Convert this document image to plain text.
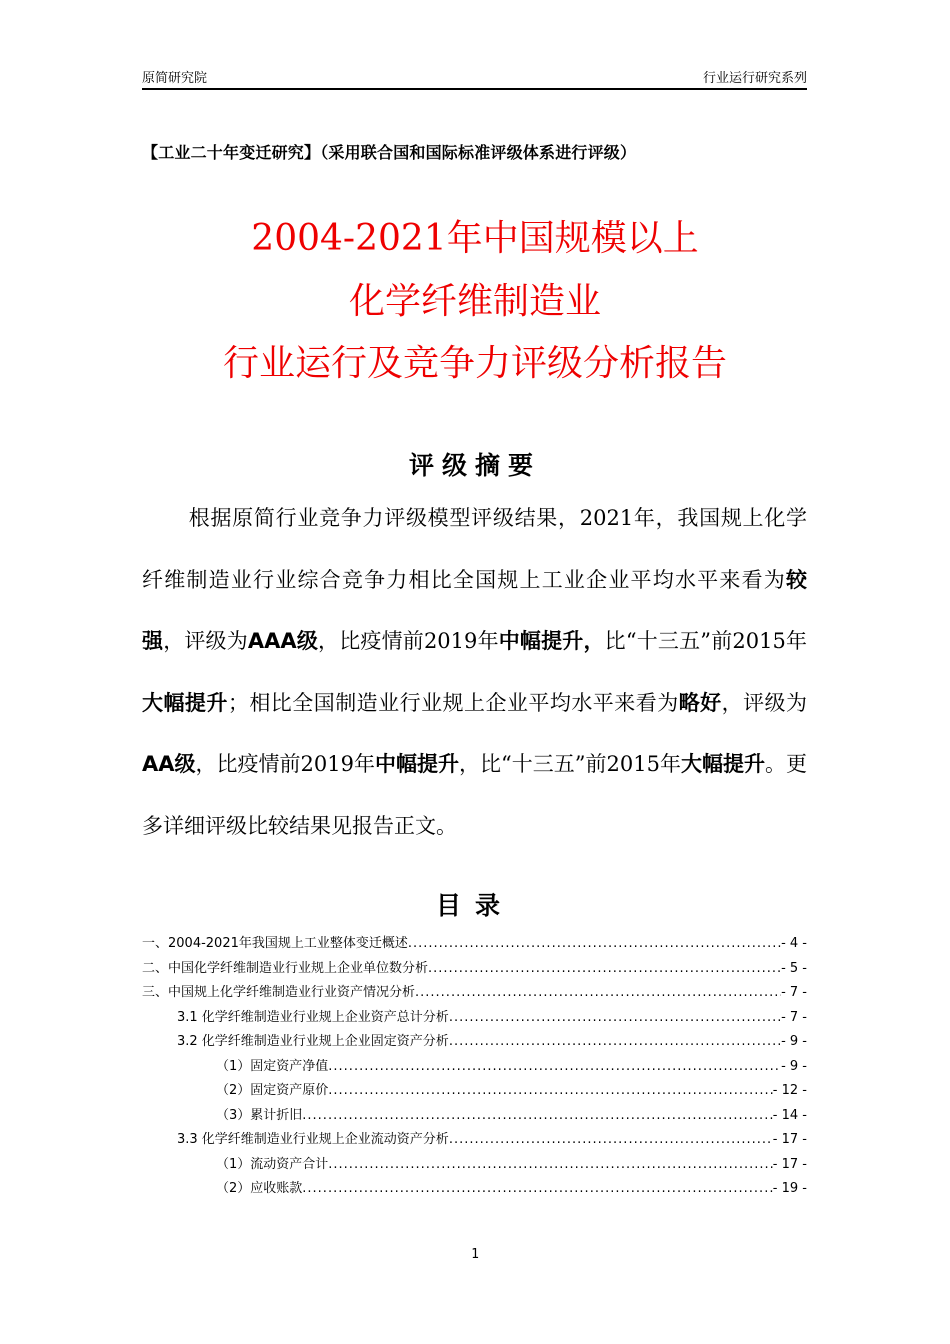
原简研究院	行业运行研究系列
【工业二十年变迁研究】（采用联合国和国际标准评级体系进行评级）
2004-2021年中国规模以上
化学纤维制造业
行业运行及竞争力评级分析报告
评级摘要
根据原简行业竞争力评级模型评级结果，2021年，我国规上化学纤维制造业行业综合竞争力相比全国规上工业企业平均水平来看为较强，评级为AAA级，比疫情前2019年中幅提升，比“十三五”前2015年大幅提升；相比全国制造业行业规上企业平均水平来看为略好，评级为AA级，比疫情前2019年中幅提升，比“十三五”前2015年大幅提升。更多详细评级比较结果见报告正文。
目录
一、2004-2021年我国规上工业整体变迁概述 .....	- 4 -
二、中国化学纤维制造业行业规上企业单位数分析 .....	- 5 -
三、中国规上化学纤维制造业行业资产情况分析 .....	- 7 -
3.1 化学纤维制造业行业规上企业资产总计分析 .....	- 7 -
3.2 化学纤维制造业行业规上企业固定资产分析 .....	- 9 -
（1）固定资产净值 .....	- 9 -
（2）固定资产原价 .....	- 12 -
（3）累计折旧 .....	- 14 -
3.3 化学纤维制造业行业规上企业流动资产分析 .....	- 17 -
（1）流动资产合计 .....	- 17 -
（2）应收账款 .....	- 19 -
1
